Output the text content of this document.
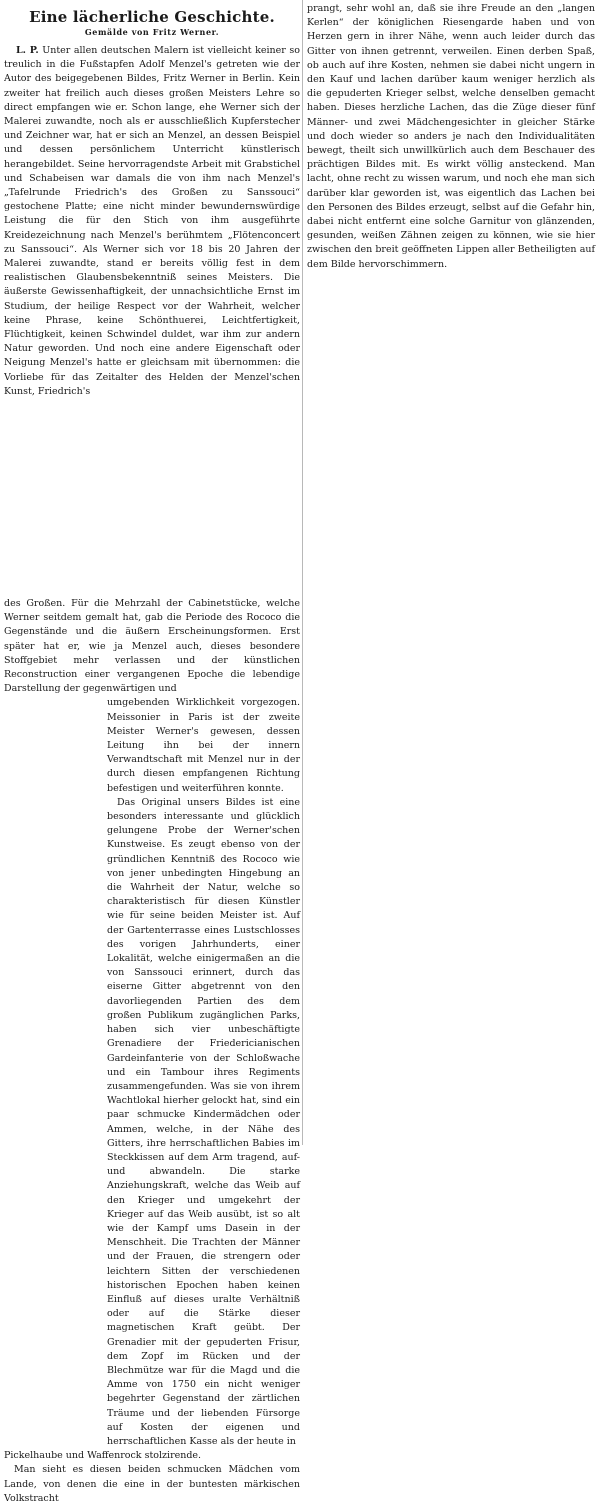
Eine lächerliche Geschichte.
Gemälde von Fritz Werner.

L. P. Unter allen deutschen Malern ist vielleicht keiner so treulich in die Fußstapfen Adolf Menzel's getreten wie der Autor des beigegebenen Bildes, Fritz Werner in Berlin. Kein zweiter hat freilich auch dieses großen Meisters Lehre so direct empfangen wie er. Schon lange, ehe Werner sich der Malerei zuwandte, noch als er ausschließlich Kupferstecher und Zeichner war, hat er sich an Menzel, an dessen Beispiel und dessen persönlichem Unterricht künstlerisch herangebildet. Seine hervorragendste Arbeit mit Grabstichel und Schabeisen war damals die von ihm nach Menzel's „Tafelrunde Friedrich's des Großen zu Sanssouci“ gestochene Platte; eine nicht minder bewundernswürdige Leistung die für den Stich von ihm ausgeführte Kreidezeichnung nach Menzel's berühmtem „Flötenconcert zu Sanssouci“. Als Werner sich vor 18 bis 20 Jahren der Malerei zuwandte, stand er bereits völlig fest in dem realistischen Glaubensbekenntniß seines Meisters. Die äußerste Gewissenhaftigkeit, der unnachsichtliche Ernst im Studium, der heilige Respect vor der Wahrheit, welcher keine Phrase, keine Schönthuerei, Leichtfertigkeit, Flüchtigkeit, keinen Schwindel duldet, war ihm zur andern Natur geworden. Und noch eine andere Eigenschaft oder Neigung Menzel's hatte er gleichsam mit übernommen: die Vorliebe für das Zeitalter des Helden der Menzel'schen Kunst, Friedrich's

des Großen. Für die Mehrzahl der Cabinetstücke, welche Werner seitdem gemalt hat, gab die Periode des Rococo die Gegenstände und die äußern Erscheinungsformen. Erst später hat er, wie ja Menzel auch, dieses besondere Stoffgebiet mehr verlassen und der künstlichen Reconstruction einer vergangenen Epoche die lebendige Darstellung der gegenwärtigen und

umgebenden Wirklichkeit vorgezogen. Meissonier in Paris ist der zweite Meister Werner's gewesen, dessen Leitung ihn bei der innern Verwandtschaft mit Menzel nur in der durch diesen empfangenen Richtung befestigen und weiterführen konnte.

Das Original unsers Bildes ist eine besonders interessante und glücklich gelungene Probe der Werner'schen Kunstweise. Es zeugt ebenso von der gründlichen Kenntniß des Rococo wie von jener unbedingten Hingebung an die Wahrheit der Natur, welche so charakteristisch für diesen Künstler wie für seine beiden Meister ist. Auf der Gartenterrasse eines Lustschlosses des vorigen Jahrhunderts, einer Lokalität, welche einigermaßen an die von Sanssouci erinnert, durch das eiserne Gitter abgetrennt von den davorliegenden Partien des dem großen Publikum zugänglichen Parks, haben sich vier unbeschäftigte Grenadiere der Friedericianischen Gardeinfanterie von der Schloßwache und ein Tambour ihres Regiments zusammengefunden. Was sie von ihrem Wachtlokal hierher gelockt hat, sind ein paar schmucke Kindermädchen oder Ammen, welche, in der Nähe des Gitters, ihre herrschaftlichen Babies im Steckkissen auf dem Arm tragend, auf- und abwandeln. Die starke Anziehungskraft, welche das Weib auf den Krieger und umgekehrt der Krieger auf das Weib ausübt, ist so alt wie der Kampf ums Dasein in der Menschheit. Die Trachten der Männer und der Frauen, die strengern oder leichtern Sitten der verschiedenen historischen Epochen haben keinen Einfluß auf dieses uralte Verhältniß oder auf die Stärke dieser magnetischen Kraft geübt. Der Grenadier mit der gepuderten Frisur, dem Zopf im Rücken und der Blechmütze war für die Magd und die Amme von 1750 ein nicht weniger begehrter Gegenstand der zärtlichen Träume und der liebenden Fürsorge auf Kosten der eigenen und herrschaftlichen Kasse als der heute in

Pickelhaube und Waffenrock stolzirende.

Man sieht es diesen beiden schmucken Mädchen vom Lande, von denen die eine in der buntesten märkischen Volkstracht

prangt, sehr wohl an, daß sie ihre Freude an den „langen Kerlen“ der königlichen Riesengarde haben und von Herzen gern in ihrer Nähe, wenn auch leider durch das Gitter von ihnen getrennt, verweilen. Einen derben Spaß, ob auch auf ihre Kosten, nehmen sie dabei nicht ungern in den Kauf und lachen darüber kaum weniger herzlich als die gepuderten Krieger selbst, welche denselben gemacht haben. Dieses herzliche Lachen, das die Züge dieser fünf Männer- und zwei Mädchengesichter in gleicher Stärke und doch wieder so anders je nach den Individualitäten bewegt, theilt sich unwillkürlich auch dem Beschauer des prächtigen Bildes mit. Es wirkt völlig ansteckend. Man lacht, ohne recht zu wissen warum, und noch ehe man sich darüber klar geworden ist, was eigentlich das Lachen bei den Personen des Bildes erzeugt, selbst auf die Gefahr hin, dabei nicht entfernt eine solche Garnitur von glänzenden, gesunden, weißen Zähnen zeigen zu können, wie sie hier zwischen den breit geöffneten Lippen aller Betheiligten auf dem Bilde hervorschimmern.
